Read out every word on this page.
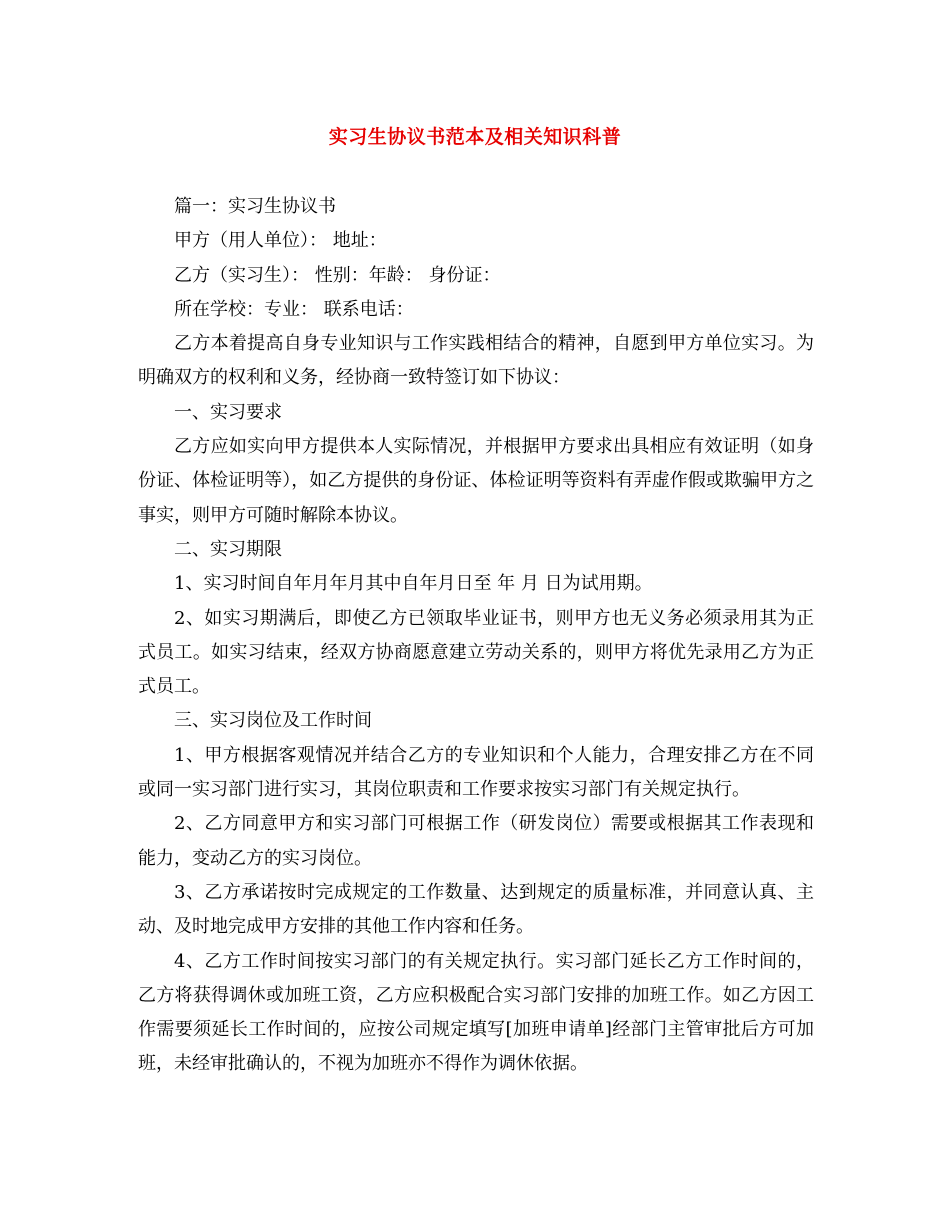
实习生协议书范本及相关知识科普

篇一：实习生协议书

甲方（用人单位）： 地址：

乙方（实习生）： 性别：年龄： 身份证：

所在学校：专业： 联系电话：

乙方本着提高自身专业知识与工作实践相结合的精神，自愿到甲方单位实习。为明确双方的权利和义务，经协商一致特签订如下协议：

一、实习要求

乙方应如实向甲方提供本人实际情况，并根据甲方要求出具相应有效证明（如身份证、体检证明等），如乙方提供的身份证、体检证明等资料有弄虚作假或欺骗甲方之事实，则甲方可随时解除本协议。

二、实习期限

1、实习时间自年月年月其中自年月日至 年 月 日为试用期。

2、如实习期满后，即使乙方已领取毕业证书，则甲方也无义务必须录用其为正式员工。如实习结束，经双方协商愿意建立劳动关系的，则甲方将优先录用乙方为正式员工。

三、实习岗位及工作时间

1、甲方根据客观情况并结合乙方的专业知识和个人能力，合理安排乙方在不同或同一实习部门进行实习，其岗位职责和工作要求按实习部门有关规定执行。

2、乙方同意甲方和实习部门可根据工作（研发岗位）需要或根据其工作表现和能力，变动乙方的实习岗位。

3、乙方承诺按时完成规定的工作数量、达到规定的质量标准，并同意认真、主动、及时地完成甲方安排的其他工作内容和任务。

4、乙方工作时间按实习部门的有关规定执行。实习部门延长乙方工作时间的，乙方将获得调休或加班工资，乙方应积极配合实习部门安排的加班工作。如乙方因工作需要须延长工作时间的，应按公司规定填写[加班申请单]经部门主管审批后方可加班，未经审批确认的，不视为加班亦不得作为调休依据。
